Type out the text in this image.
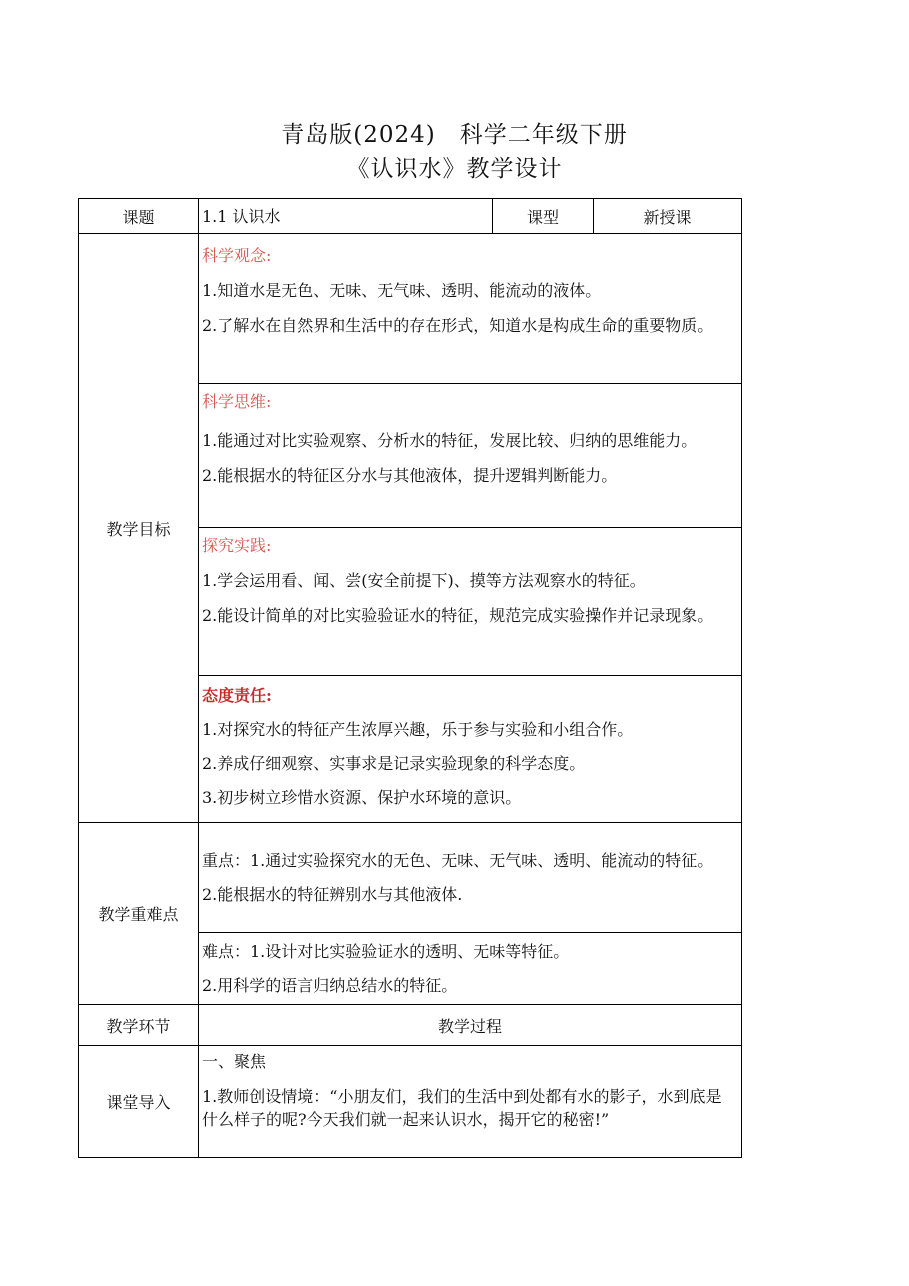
青岛版(2024)　科学二年级下册
《认识水》教学设计
课题	1.1 认识水	课型	新授课
教学目标	科学观念:

1.知道水是无色、无味、无气味、透明、能流动的液体。

2.了解水在自然界和生活中的存在形式，知道水是构成生命的重要物质。		

	科学思维:

1.能通过对比实验观察、分析水的特征，发展比较、归纳的思维能力。

2.能根据水的特征区分水与其他液体，提升逻辑判断能力。		

	探究实践:

1.学会运用看、闻、尝(安全前提下)、摸等方法观察水的特征。

2.能设计简单的对比实验验证水的特征，规范完成实验操作并记录现象。		

	态度责任:

1.对探究水的特征产生浓厚兴趣，乐于参与实验和小组合作。

2.养成仔细观察、实事求是记录实验现象的科学态度。

3.初步树立珍惜水资源、保护水环境的意识。		

教学重难点	重点：1.通过实验探究水的无色、无味、无气味、透明、能流动的特征。

2.能根据水的特征辨别水与其他液体.		

	难点：1.设计对比实验验证水的透明、无味等特征。

2.用科学的语言归纳总结水的特征。		

教学环节	教学过程		
课堂导入	一、聚焦

1.教师创设情境：“小朋友们，我们的生活中到处都有水的影子，水到底是什么样子的呢?今天我们就一起来认识水，揭开它的秘密!”		
